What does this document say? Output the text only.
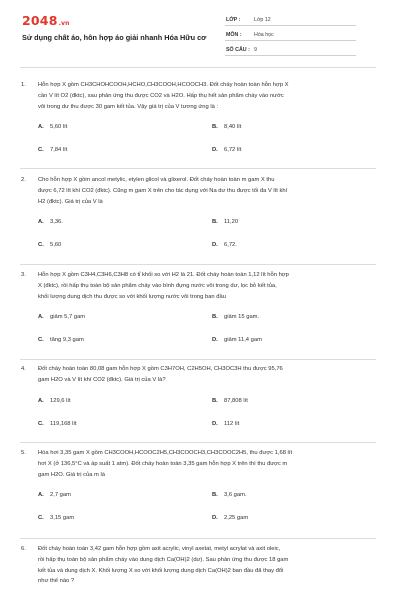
2048.vn
Sử dụng chất áo, hôn hợp áo giải nhanh Hóa Hữu cơ
LỚP :	Lớp 12
MÔN :	Hóa học
SỐ CÂU : 9
1.	Hỗn hợp X gồm CH3CHOHCOOH,HCHO,CH3COOH,HCOOCH3. Đốt cháy hoàn toàn hỗn hợp X
cần V lít O2 (đktc), sau phản ứng thu được CO2 và H2O. Hấp thụ hết sản phẩm cháy vào nước
vôi trong dư thu được 30 gam kết tủa. Vậy giá trị của V tương ứng là :
A.	5,60 lít	B.	8,40 lít
C.	7,84 lít	D.	6,72 lít
2.	Cho hỗn hợp X gồm ancol metylic, etylen glicol và glixerol. Đốt cháy hoàn toàn m gam X thu
được 6,72 lít khí CO2 (đktc). Cũng m gam X trên cho tác dụng với Na dư thu được tối đa V lít khí
H2 (đktc). Giá trị của V là
A.	3,36.	B.	11,20
C.	5,60	D.	6,72.
3.	Hỗn hợp X gồm C3H4,C3H6,C3H8 có tỉ khối so với H2 là 21. Đốt cháy hoàn toàn 1,12 lít hỗn hợp
X (đktc), rồi hấp thụ toàn bộ sản phẩm cháy vào bình đựng nước vôi trong dư, lọc bỏ kết tủa,
khối lượng dung dịch thu được so với khối lượng nước vôi trong ban đầu
A.	giảm 5,7 gam	B.	giảm 15 gam.
C.	tăng 9,3 gam	D.	giảm 11,4 gam
4.	Đốt cháy hoàn toàn 80,08 gam hỗn hợp X gồm C3H7OH, C2H5OH, CH3OC3H thu được 95,76
gam H2O và V lít khí CO2 (đktc). Giá trị của V là?
A.	129,6 lít	B.	87,808 lít
C.	119,168 lít	D.	112 lít
5.	Hóa hơi 3,35 gam X gồm CH3COOH,HCOOC2H5,CH3COOCH3,CH3COOC2H5, thu được 1,68 lít
hơi X (ở 136,5°C và áp suất 1 atm). Đốt cháy hoàn toàn 3,35 gam hỗn hợp X trên thì thu được m
gam H2O. Giá trị của m là
A.	2,7 gam	B.	3,6 gam.
C.	3,15 gam	D.	2,25 gam
6.	Đốt cháy hoàn toàn 3,42 gam hỗn hợp gồm axit acrylic, vinyl axetat, metyl acrylat và axit oleic,
rồi hấp thụ toàn bộ sản phẩm cháy vào dung dịch Ca(OH)2 (dư). Sau phản ứng thu được 18 gam
kết tủa và dung dịch X. Khối lượng X so với khối lượng dung dịch Ca(OH)2 ban đầu đã thay đổi
như thế nào ?
